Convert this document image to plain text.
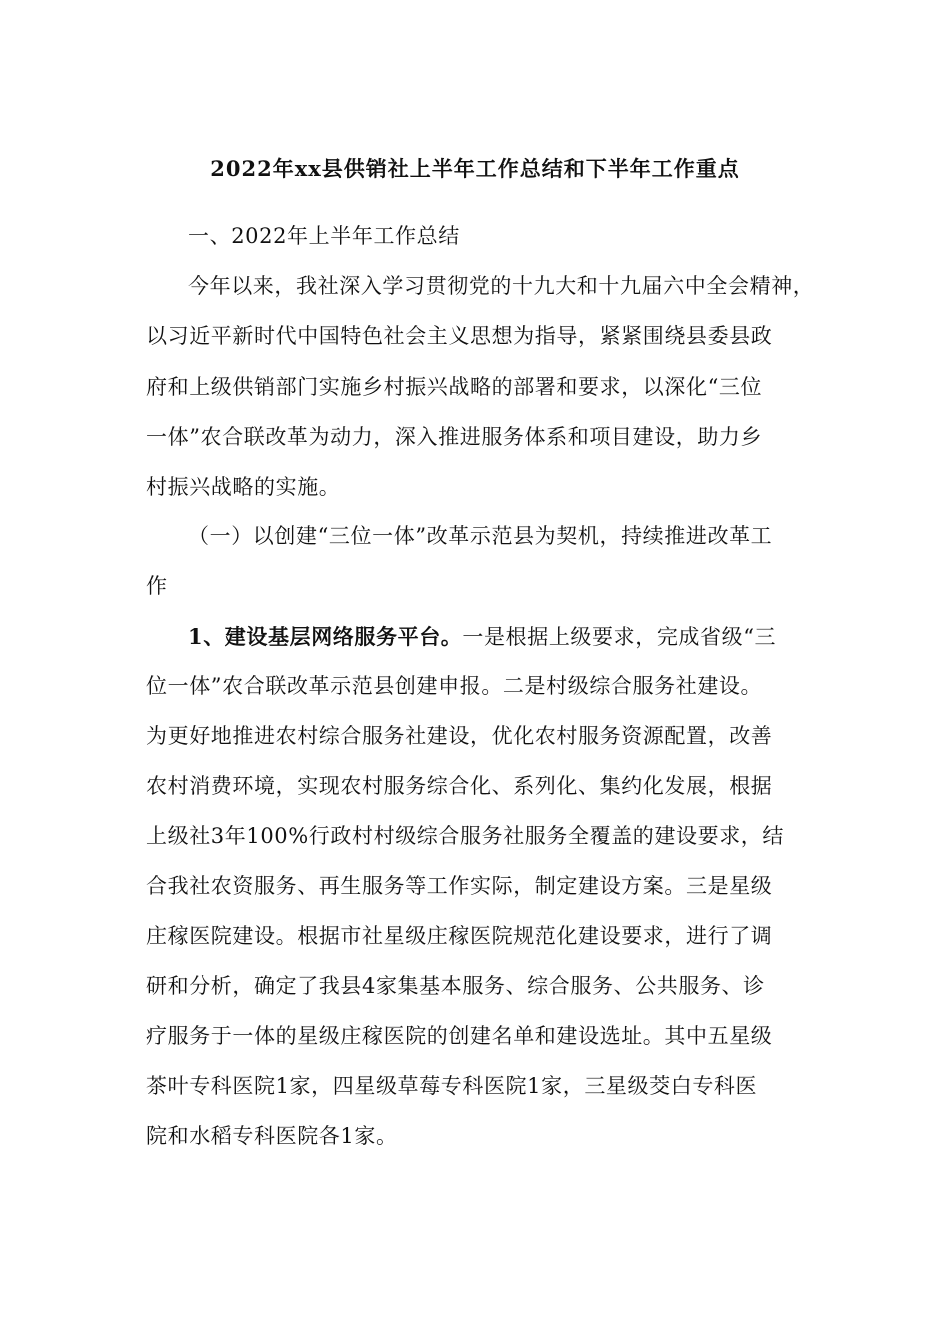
2022年xx县供销社上半年工作总结和下半年工作重点

一、2022年上半年工作总结

今年以来，我社深入学习贯彻党的十九大和十九届六中全会精神，

以习近平新时代中国特色社会主义思想为指导，紧紧围绕县委县政

府和上级供销部门实施乡村振兴战略的部署和要求，以深化“三位

一体”农合联改革为动力，深入推进服务体系和项目建设，助力乡

村振兴战略的实施。

（一）以创建“三位一体”改革示范县为契机，持续推进改革工

作

1、建设基层网络服务平台。一是根据上级要求，完成省级“三

位一体”农合联改革示范县创建申报。二是村级综合服务社建设。

为更好地推进农村综合服务社建设，优化农村服务资源配置，改善

农村消费环境，实现农村服务综合化、系列化、集约化发展，根据

上级社3年100%行政村村级综合服务社服务全覆盖的建设要求，结

合我社农资服务、再生服务等工作实际，制定建设方案。三是星级

庄稼医院建设。根据市社星级庄稼医院规范化建设要求，进行了调

研和分析，确定了我县4家集基本服务、综合服务、公共服务、诊

疗服务于一体的星级庄稼医院的创建名单和建设选址。其中五星级

茶叶专科医院1家，四星级草莓专科医院1家，三星级茭白专科医

院和水稻专科医院各1家。
